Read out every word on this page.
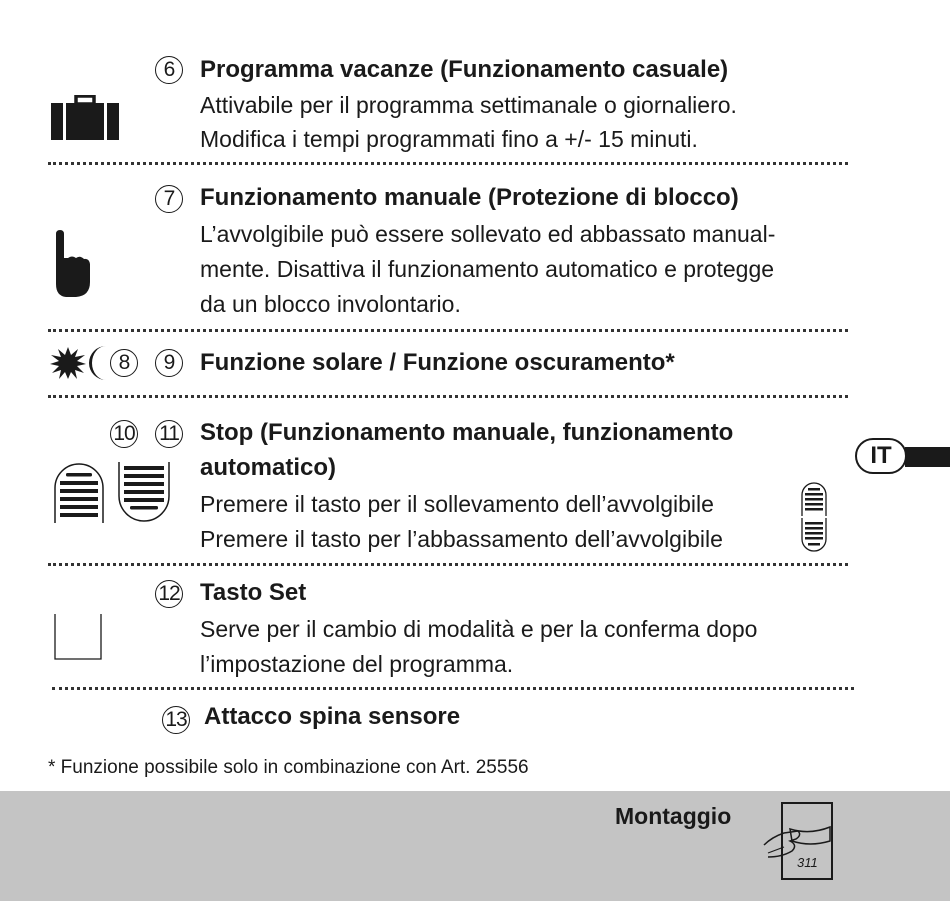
6	Programma vacanze (Funzionamento casuale)
Attivabile per il programma settimanale o giornaliero.
Modifica i tempi programmati fino a +/- 15 minuti.
7	Funzionamento manuale (Protezione di blocco)
L’avvolgibile può essere sollevato ed abbassato manual-
mente. Disattiva il funzionamento automatico e protegge
da un blocco involontario.
8	9	Funzione solare / Funzione oscuramento*
10 11 Stop (Funzionamento manuale, funzionamento
automatico)
Premere il tasto per il sollevamento dell’avvolgibile
Premere il tasto per l’abbassamento dell’avvolgibile
12 Tasto Set
Serve per il cambio di modalità e per la conferma dopo
l’impostazione del programma.
13 Attacco spina sensore
* Funzione possibile solo in combinazione con Art. 25556
IT
Montaggio
311
